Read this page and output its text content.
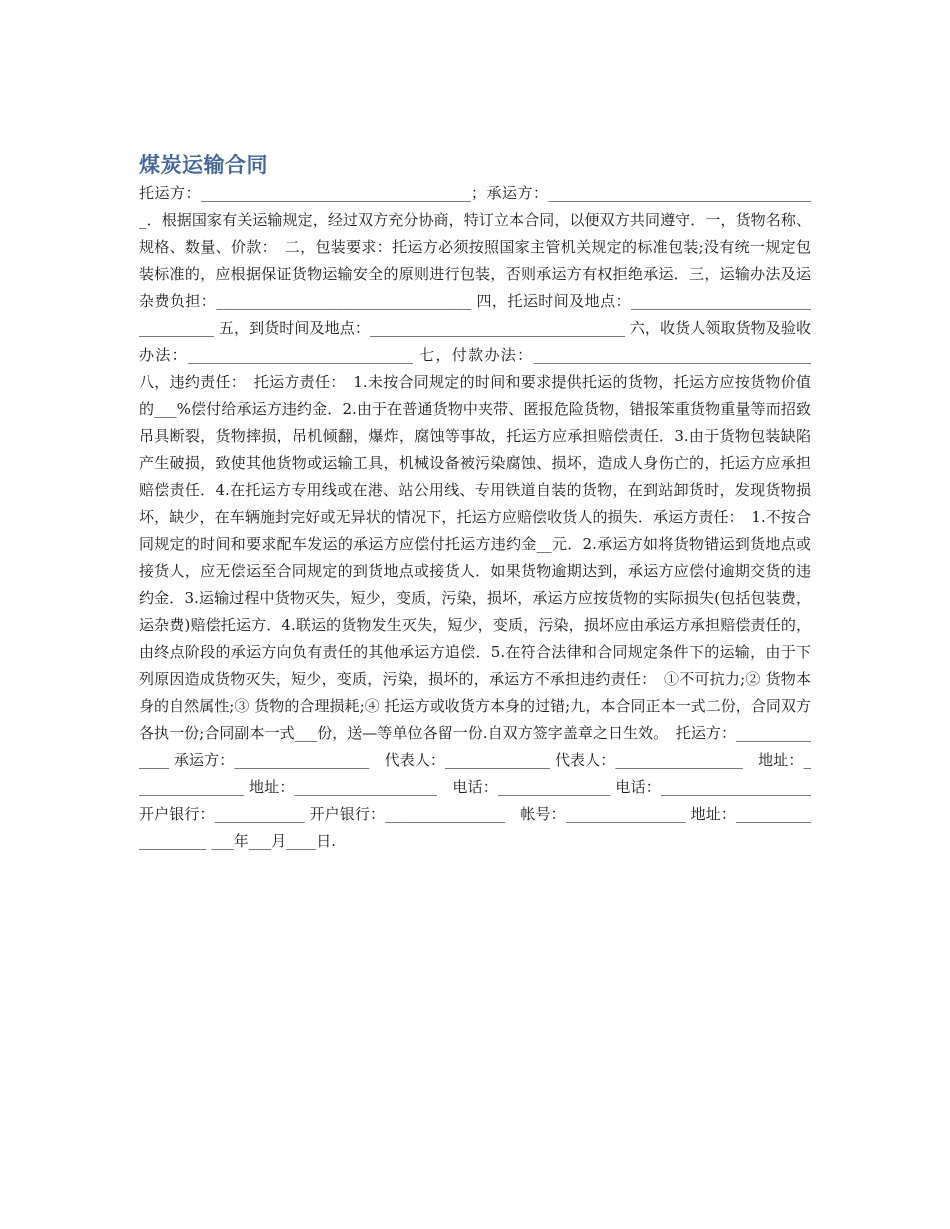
煤炭运输合同

托运方：____________________________________；承运方：____________________________________．根据国家有关运输规定，经过双方充分协商，特订立本合同，以便双方共同遵守．一，货物名称、规格、数量、价款：　二，包装要求：托运方必须按照国家主管机关规定的标准包装;没有统一规定包装标准的，应根据保证货物运输安全的原则进行包装，否则承运方有权拒绝承运．三，运输办法及运杂费负担：__________________________________ 四，托运时间及地点：__________________________________ 五，到货时间及地点：__________________________________ 六，收货人领取货物及验收办法：______________________________ 七，付款办法：_____________________________________ 八，违约责任：　托运方责任：　1.未按合同规定的时间和要求提供托运的货物，托运方应按货物价值的___%偿付给承运方违约金．2.由于在普通货物中夹带、匿报危险货物，错报笨重货物重量等而招致吊具断裂，货物摔损，吊机倾翻，爆炸，腐蚀等事故，托运方应承担赔偿责任．3.由于货物包装缺陷产生破损，致使其他货物或运输工具，机械设备被污染腐蚀、损坏，造成人身伤亡的，托运方应承担赔偿责任．4.在托运方专用线或在港、站公用线、专用铁道自装的货物，在到站卸货时，发现货物损坏，缺少，在车辆施封完好或无异状的情况下，托运方应赔偿收货人的损失．承运方责任：　1.不按合同规定的时间和要求配车发运的承运方应偿付托运方违约金__元．2.承运方如将货物错运到货地点或接货人，应无偿运至合同规定的到货地点或接货人．如果货物逾期达到，承运方应偿付逾期交货的违约金．3.运输过程中货物灭失，短少，变质，污染，损坏，承运方应按货物的实际损失(包括包装费，运杂费)赔偿托运方．4.联运的货物发生灭失，短少，变质，污染，损坏应由承运方承担赔偿责任的，由终点阶段的承运方向负有责任的其他承运方追偿．5.在符合法律和合同规定条件下的运输，由于下列原因造成货物灭失，短少，变质，污染，损坏的，承运方不承担违约责任：　①不可抗力;② 货物本身的自然属性;③ 货物的合理损耗;④ 托运方或收货方本身的过错;九，本合同正本一式二份，合同双方各执一份;合同副本一式___份，送—等单位各留一份.自双方签字盖章之日生效。　托运方：______________ 承运方：__________________　代表人：______________ 代表人：_________________　地址：_______________ 地址：___________________　电话：_______________ 电话：____________________　开户银行：____________ 开户银行：________________　帐号：________________ 地址：___________________ ___年___月____日.
